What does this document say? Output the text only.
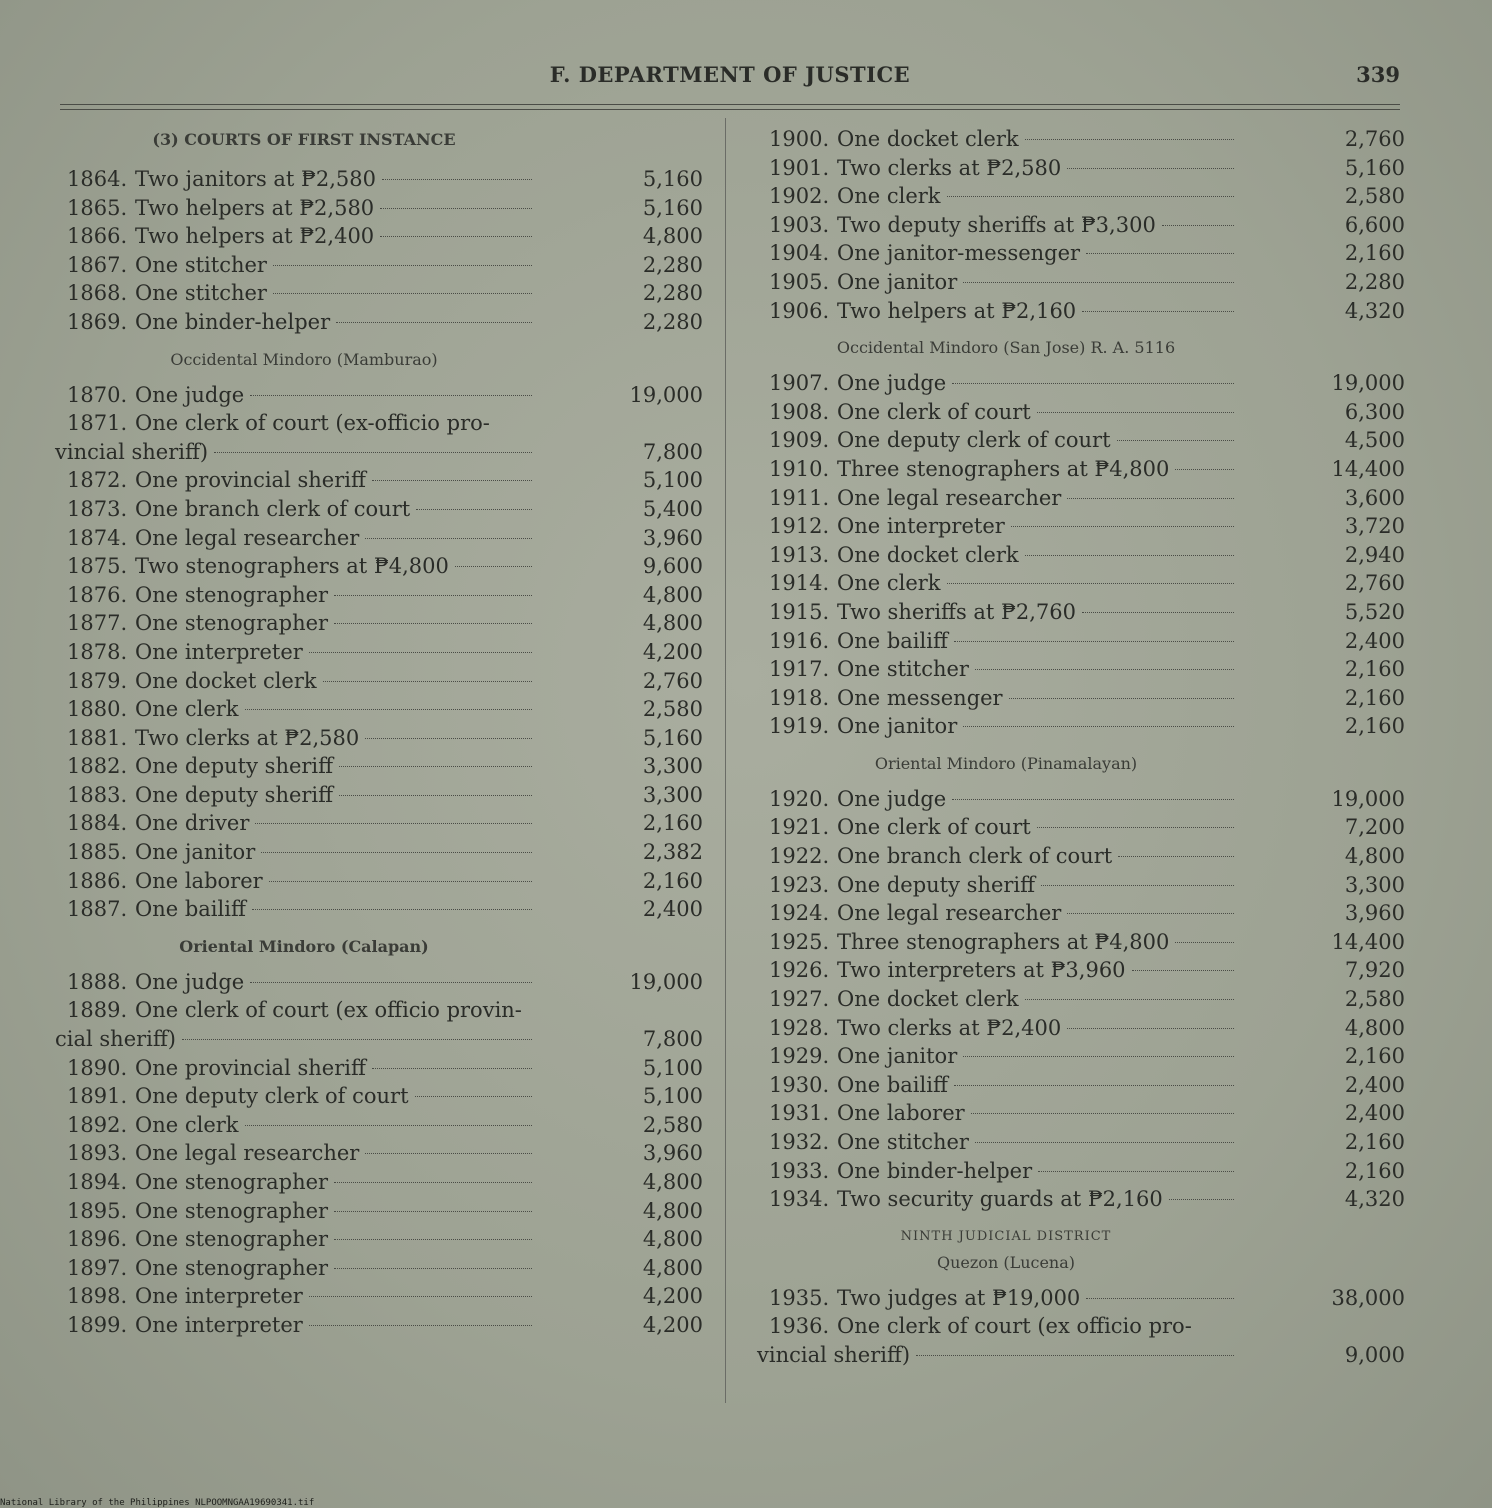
F. DEPARTMENT OF JUSTICE	339
(3) COURTS OF FIRST INSTANCE
1864. Two janitors at ₱2,580	5,160
1865. Two helpers at ₱2,580	5,160
1866. Two helpers at ₱2,400	4,800
1867. One stitcher	2,280
1868. One stitcher	2,280
1869. One binder-helper	2,280
Occidental Mindoro (Mamburao)
1870. One judge	19,000
1871. One clerk of court (ex-officio pro-
vincial sheriff)	7,800
1872. One provincial sheriff	5,100
1873. One branch clerk of court	5,400
1874. One legal researcher	3,960
1875. Two stenographers at ₱4,800	9,600
1876. One stenographer	4,800
1877. One stenographer	4,800
1878. One interpreter	4,200
1879. One docket clerk	2,760
1880. One clerk	2,580
1881. Two clerks at ₱2,580	5,160
1882. One deputy sheriff	3,300
1883. One deputy sheriff	3,300
1884. One driver	2,160
1885. One janitor	2,382
1886. One laborer	2,160
1887. One bailiff	2,400
Oriental Mindoro (Calapan)
1888. One judge	19,000
1889. One clerk of court (ex officio provin-
cial sheriff)	7,800
1890. One provincial sheriff	5,100
1891. One deputy clerk of court	5,100
1892. One clerk	2,580
1893. One legal researcher	3,960
1894. One stenographer	4,800
1895. One stenographer	4,800
1896. One stenographer	4,800
1897. One stenographer	4,800
1898. One interpreter	4,200
1899. One interpreter	4,200
1900. One docket clerk	2,760
1901. Two clerks at ₱2,580	5,160
1902. One clerk	2,580
1903. Two deputy sheriffs at ₱3,300	6,600
1904. One janitor-messenger	2,160
1905. One janitor	2,280
1906. Two helpers at ₱2,160	4,320
Occidental Mindoro (San Jose) R. A. 5116
1907. One judge	19,000
1908. One clerk of court	6,300
1909. One deputy clerk of court	4,500
1910. Three stenographers at ₱4,800	14,400
1911. One legal researcher	3,600
1912. One interpreter	3,720
1913. One docket clerk	2,940
1914. One clerk	2,760
1915. Two sheriffs at ₱2,760	5,520
1916. One bailiff	2,400
1917. One stitcher	2,160
1918. One messenger	2,160
1919. One janitor	2,160
Oriental Mindoro (Pinamalayan)
1920. One judge	19,000
1921. One clerk of court	7,200
1922. One branch clerk of court	4,800
1923. One deputy sheriff	3,300
1924. One legal researcher	3,960
1925. Three stenographers at ₱4,800	14,400
1926. Two interpreters at ₱3,960	7,920
1927. One docket clerk	2,580
1928. Two clerks at ₱2,400	4,800
1929. One janitor	2,160
1930. One bailiff	2,400
1931. One laborer	2,400
1932. One stitcher	2,160
1933. One binder-helper	2,160
1934. Two security guards at ₱2,160	4,320
NINTH JUDICIAL DISTRICT
Quezon (Lucena)
1935. Two judges at ₱19,000	38,000
1936. One clerk of court (ex officio pro-
vincial sheriff)	9,000
National Library of the Philippines NLPOOMNGAA19690341.tif
